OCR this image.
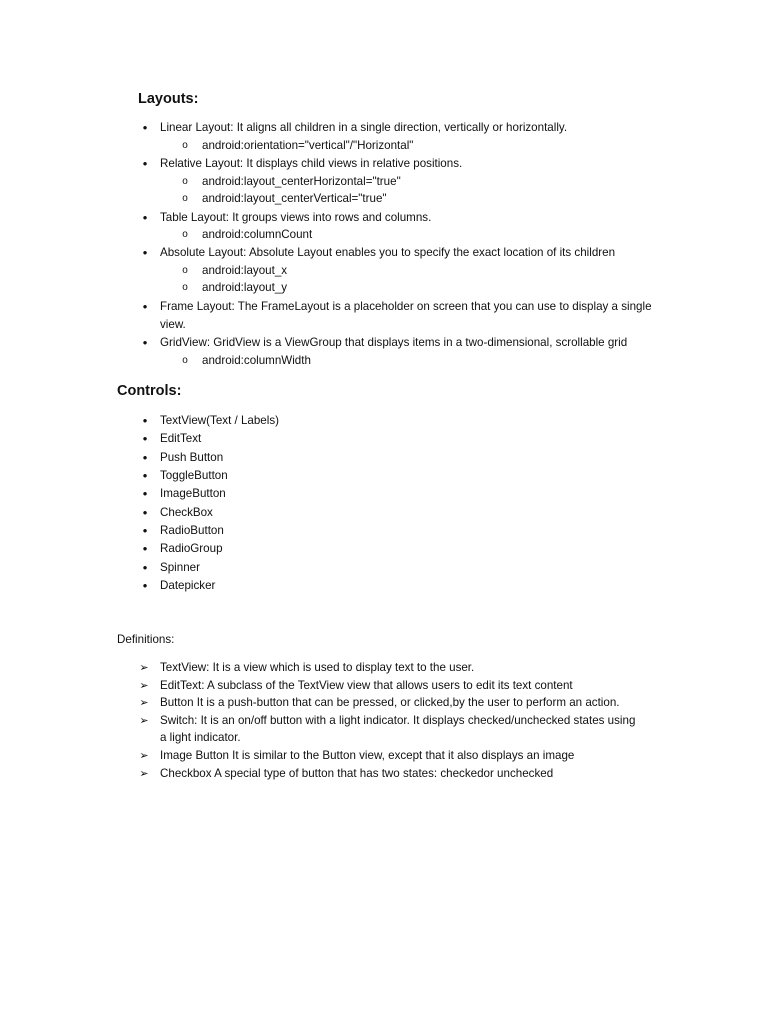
Layouts:
•	Linear Layout: It aligns all children in a single direction, vertically or horizontally.
o android:orientation="vertical"/"Horizontal"
•	Relative Layout: It displays child views in relative positions.
o android:layout_centerHorizontal="true"
o android:layout_centerVertical="true"
•	Table Layout: It groups views into rows and columns.
o android:columnCount
•	Absolute Layout: Absolute Layout enables you to specify the exact location of its children
o android:layout_x
o android:layout_y
•	Frame Layout: The FrameLayout is a placeholder on screen that you can use to display a single
view.
•	GridView: GridView is a ViewGroup that displays items in a two-dimensional, scrollable grid
o android:columnWidth
Controls:
•	TextView(Text / Labels)
•	EditText
•	Push Button
•	ToggleButton
•	ImageButton
•	CheckBox
•	RadioButton
•	RadioGroup
•	Spinner
•	Datepicker
Definitions:
➢ TextView: It is a view which is used to display text to the user.
➢ EditText: A subclass of the TextView view that allows users to edit its text content
➢ Button It is a push-button that can be pressed, or clicked,by the user to perform an action.
➢ Switch: It is an on/off button with a light indicator. It displays checked/unchecked states using
a light indicator.
➢ Image Button It is similar to the Button view, except that it also displays an image
➢ Checkbox A special type of button that has two states: checkedor unchecked
